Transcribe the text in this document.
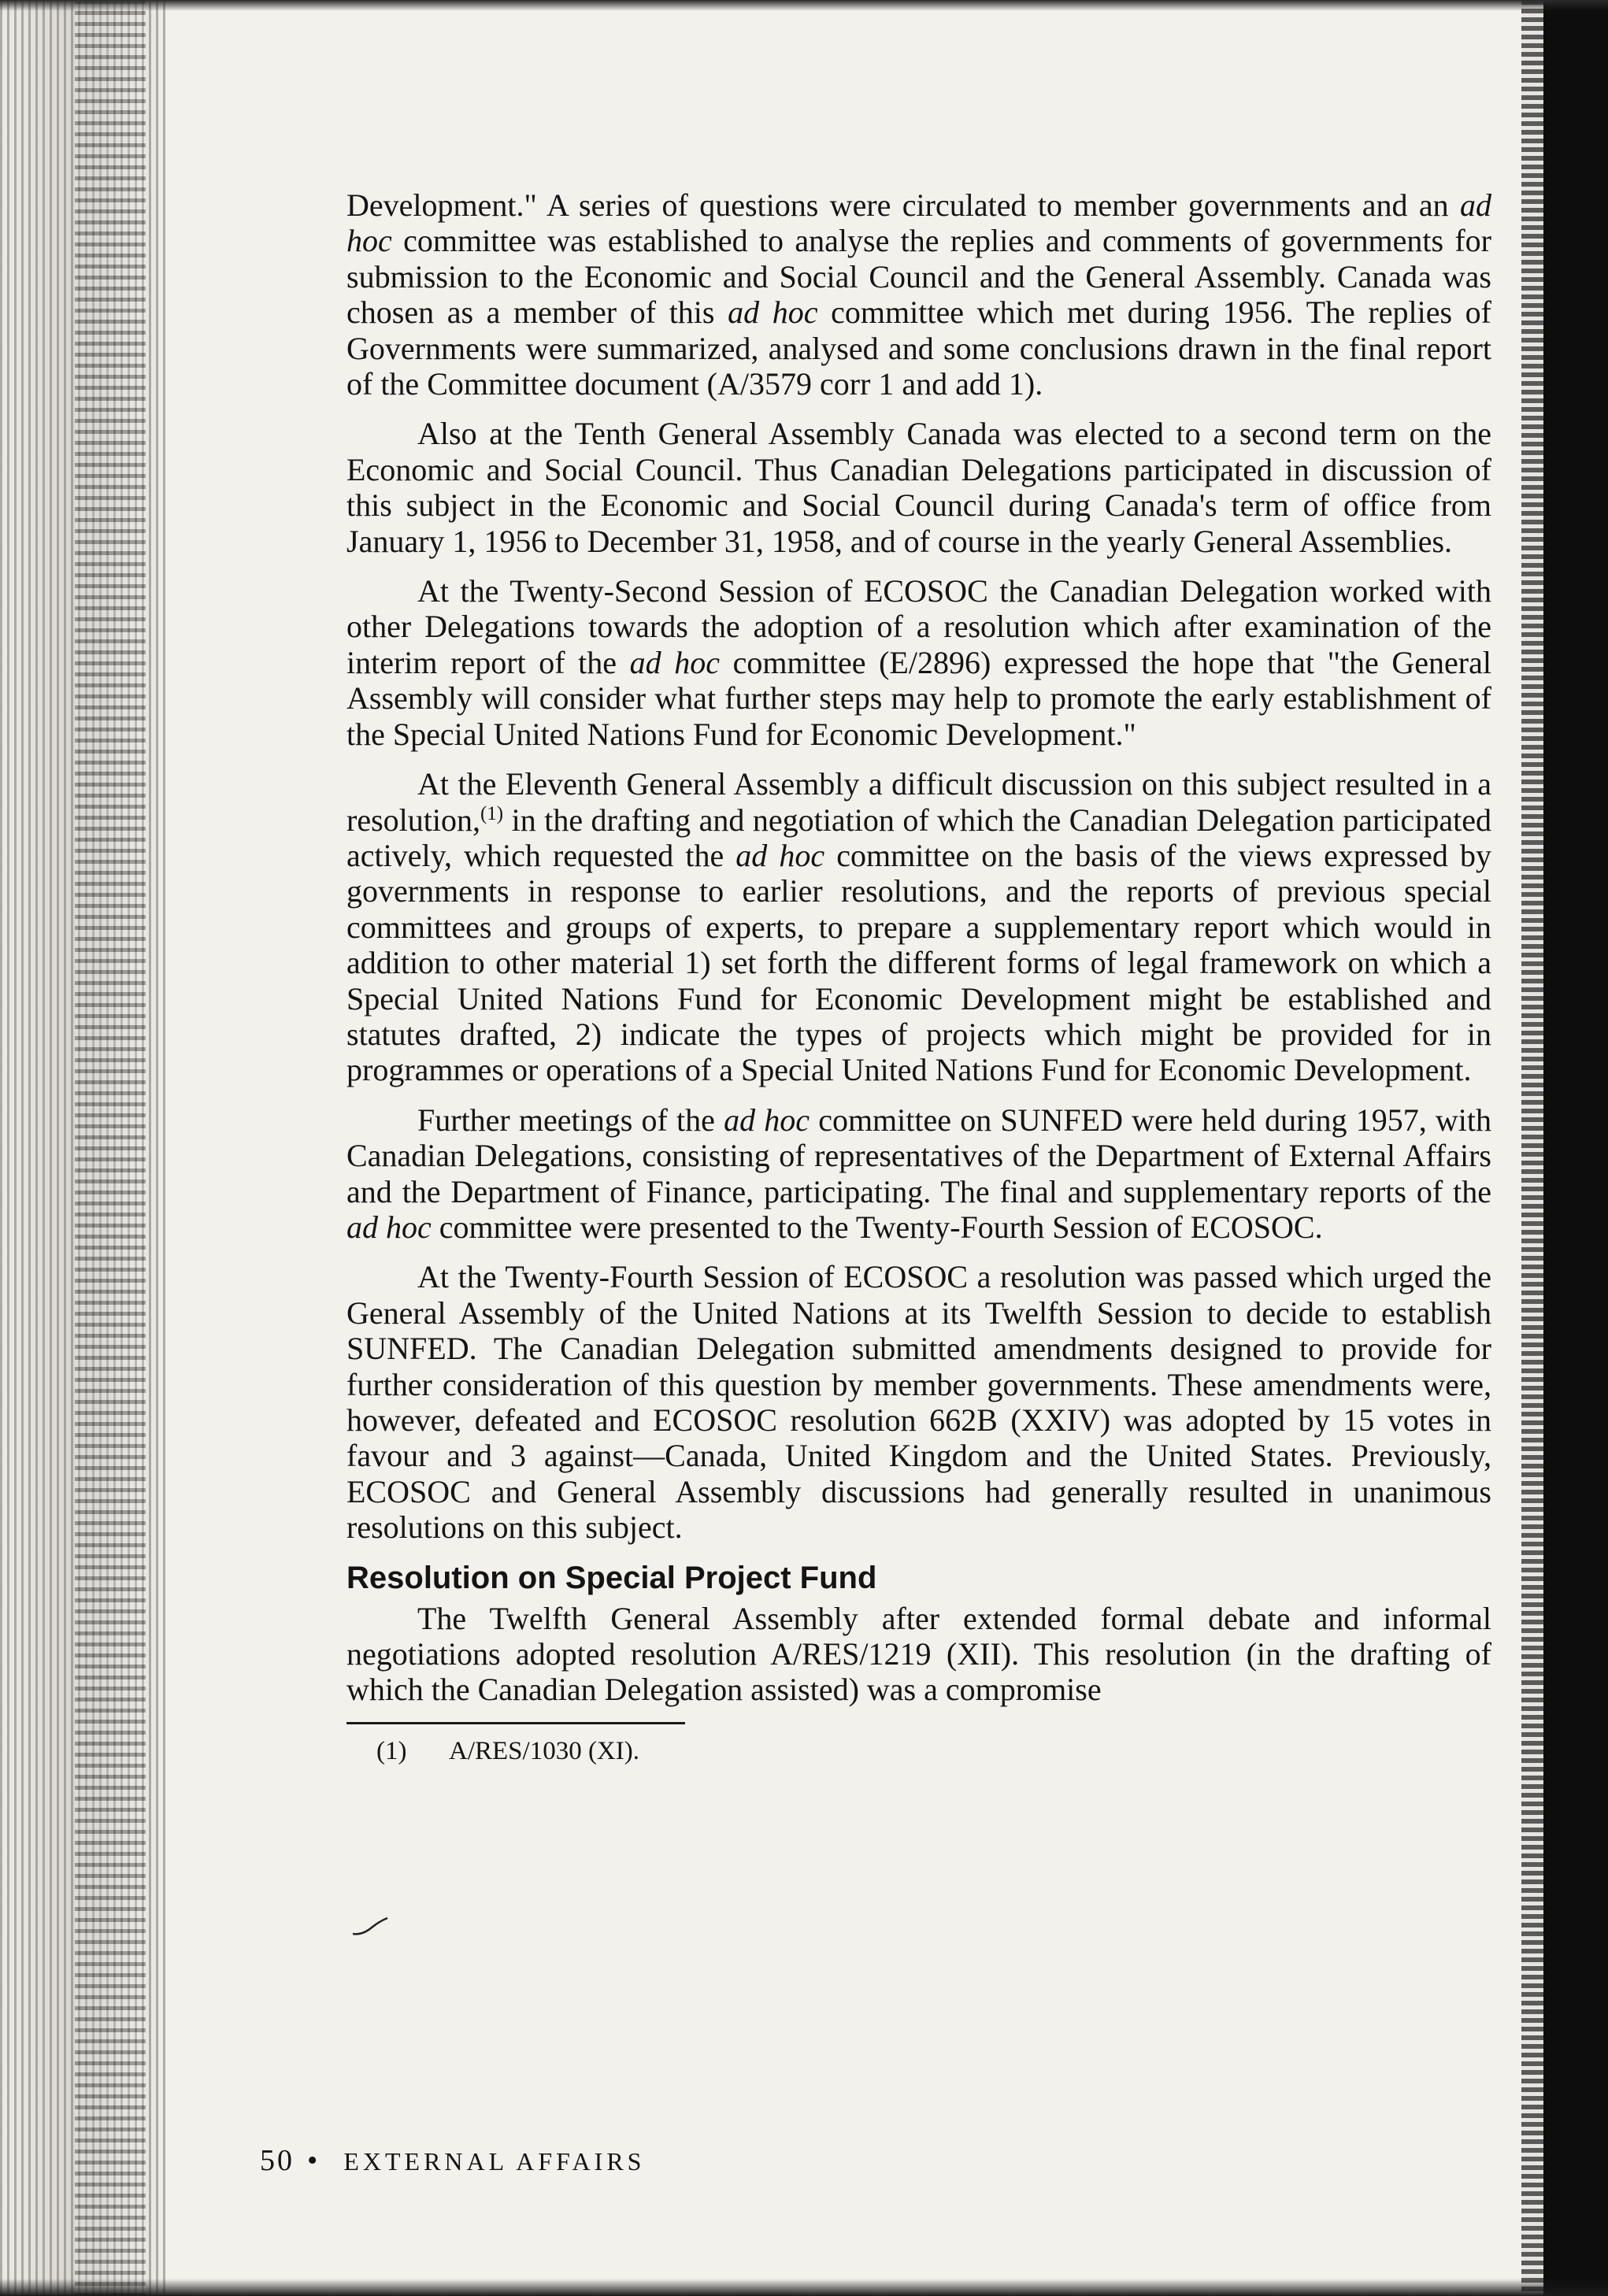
Development." A series of questions were circulated to member governments and an ad hoc committee was established to analyse the replies and comments of governments for submission to the Economic and Social Council and the General Assembly. Canada was chosen as a member of this ad hoc committee which met during 1956. The replies of Governments were summarized, analysed and some conclusions drawn in the final report of the Committee document (A/3579 corr 1 and add 1).

Also at the Tenth General Assembly Canada was elected to a second term on the Economic and Social Council. Thus Canadian Delegations participated in discussion of this subject in the Economic and Social Council during Canada's term of office from January 1, 1956 to December 31, 1958, and of course in the yearly General Assemblies.

At the Twenty-Second Session of ECOSOC the Canadian Delegation worked with other Delegations towards the adoption of a resolution which after examination of the interim report of the ad hoc committee (E/2896) expressed the hope that "the General Assembly will consider what further steps may help to promote the early establishment of the Special United Nations Fund for Economic Development."

At the Eleventh General Assembly a difficult discussion on this subject resulted in a resolution,$^{(1)}$ in the drafting and negotiation of which the Canadian Delegation participated actively, which requested the ad hoc committee on the basis of the views expressed by governments in response to earlier resolutions, and the reports of previous special committees and groups of experts, to prepare a supplementary report which would in addition to other material 1) set forth the different forms of legal framework on which a Special United Nations Fund for Economic Development might be established and statutes drafted, 2) indicate the types of projects which might be provided for in programmes or operations of a Special United Nations Fund for Economic Development.

Further meetings of the ad hoc committee on SUNFED were held during 1957, with Canadian Delegations, consisting of representatives of the Department of External Affairs and the Department of Finance, participating. The final and supplementary reports of the ad hoc committee were presented to the Twenty-Fourth Session of ECOSOC.

At the Twenty-Fourth Session of ECOSOC a resolution was passed which urged the General Assembly of the United Nations at its Twelfth Session to decide to establish SUNFED. The Canadian Delegation submitted amendments designed to provide for further consideration of this question by member governments. These amendments were, however, defeated and ECOSOC resolution 662B (XXIV) was adopted by 15 votes in favour and 3 against—Canada, United Kingdom and the United States. Previously, ECOSOC and General Assembly discussions had generally resulted in unanimous resolutions on this subject.

Resolution on Special Project Fund

The Twelfth General Assembly after extended formal debate and informal negotiations adopted resolution A/RES/1219 (XII). This resolution (in the drafting of which the Canadian Delegation assisted) was a compromise

(1) A/RES/1030 (XI).
50 • EXTERNAL AFFAIRS
